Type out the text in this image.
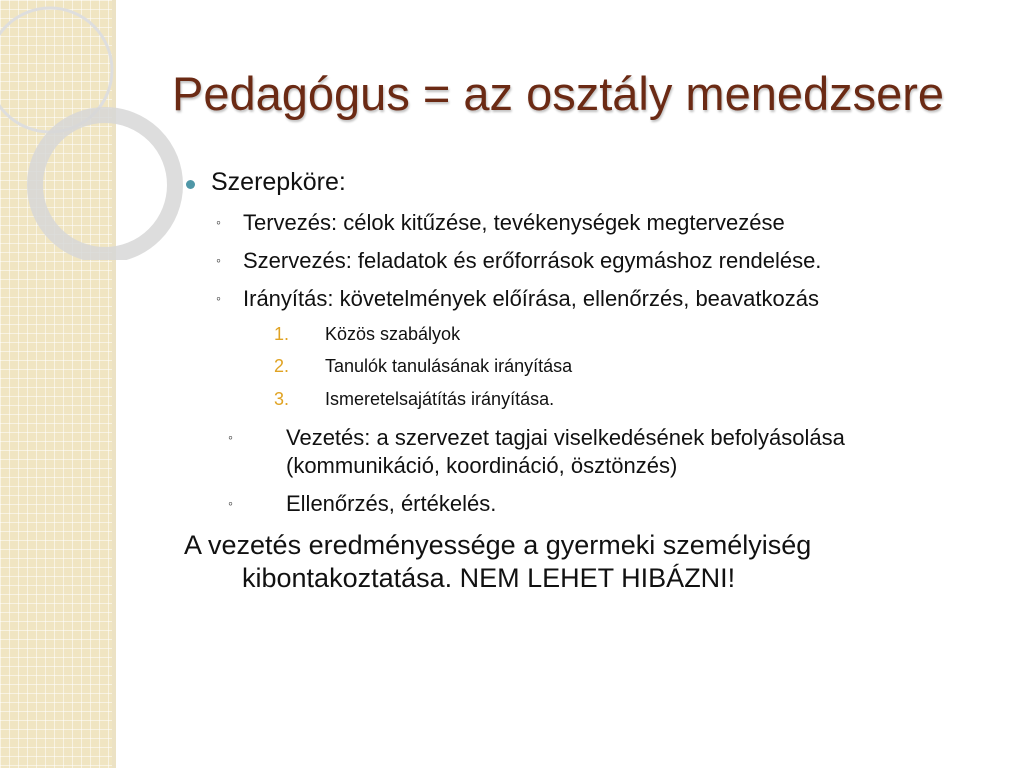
Pedagógus = az osztály menedzsere
Szerepköre:
◦ Tervezés: célok kitűzése, tevékenységek megtervezése
◦ Szervezés: feladatok és erőforrások egymáshoz rendelése.
◦ Irányítás: követelmények előírása, ellenőrzés, beavatkozás
1. Közös szabályok
2. Tanulók tanulásának irányítása
3. Ismeretelsajátítás irányítása.
◦ Vezetés: a szervezet tagjai viselkedésének befolyásolása
(kommunikáció, koordináció, ösztönzés)
◦ Ellenőrzés, értékelés.
A vezetés eredményessége a gyermeki személyiség
kibontakoztatása. NEM LEHET HIBÁZNI!
